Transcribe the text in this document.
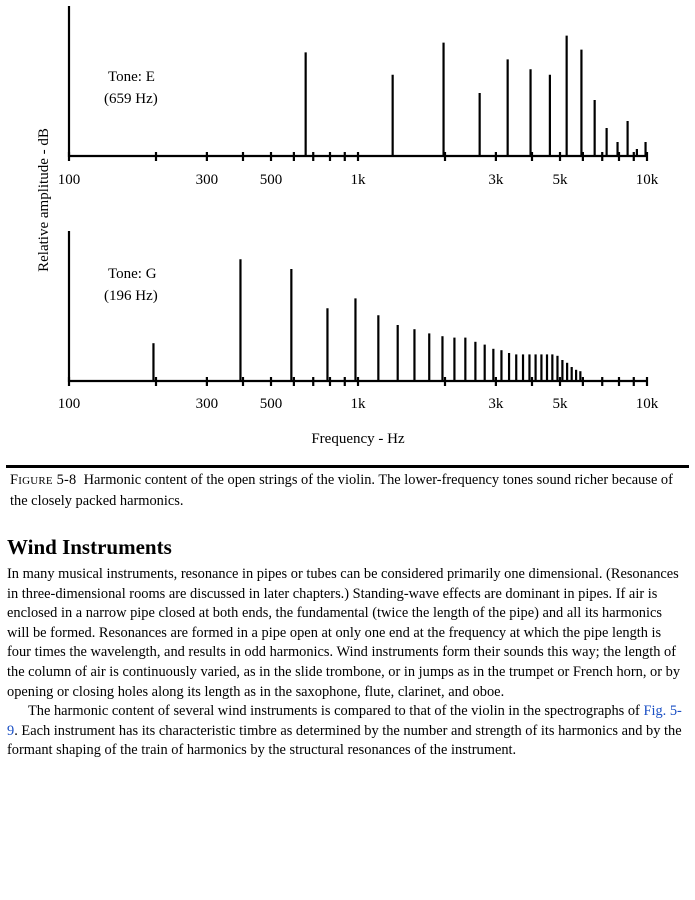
Relative amplitude - dB
Tone: E
(659 Hz)
100	300	500	1k	3k	5k	10k
Tone: G
(196 Hz)
100	300	500	1k	3k	5k	10k
Frequency - Hz
FIGURE 5-8 Harmonic content of the open strings of the violin. The lower-frequency tones sound richer because of the closely packed harmonics.
Wind Instruments

In many musical instruments, resonance in pipes or tubes can be considered primarily one dimensional. (Resonances in three-dimensional rooms are discussed in later chapters.) Standing-wave effects are dominant in pipes. If air is enclosed in a narrow pipe closed at both ends, the fundamental (twice the length of the pipe) and all its harmonics will be formed. Resonances are formed in a pipe open at only one end at the frequency at which the pipe length is four times the wavelength, and results in odd harmonics. Wind instruments form their sounds this way; the length of the column of air is continuously varied, as in the slide trombone, or in jumps as in the trumpet or French horn, or by opening or closing holes along its length as in the saxophone, flute, clarinet, and oboe.

The harmonic content of several wind instruments is compared to that of the violin in the spectrographs of Fig. 5-9. Each instrument has its characteristic timbre as determined by the number and strength of its harmonics and by the formant shaping of the train of harmonics by the structural resonances of the instrument.
